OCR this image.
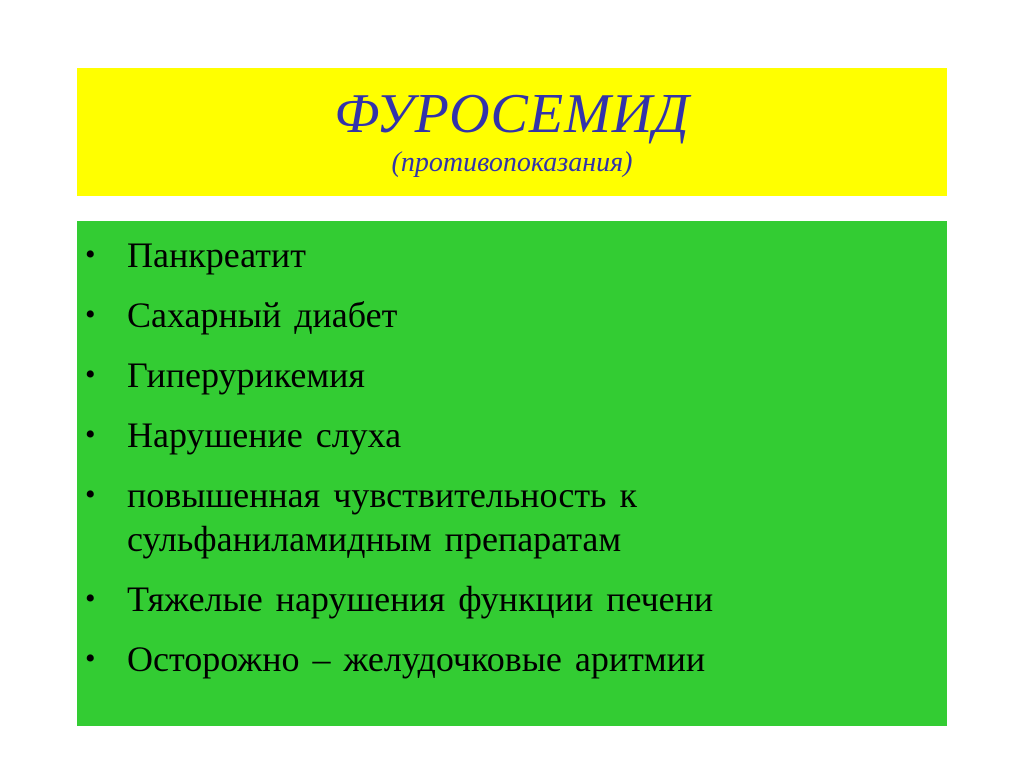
ФУРОСЕМИД

(противопоказания)

• Панкреатит
• Сахарный диабет
• Гиперурикемия
• Нарушение слуха
• повышенная чувствительность к сульфаниламидным препаратам
• Тяжелые нарушения функции печени
• Осторожно – желудочковые аритмии
